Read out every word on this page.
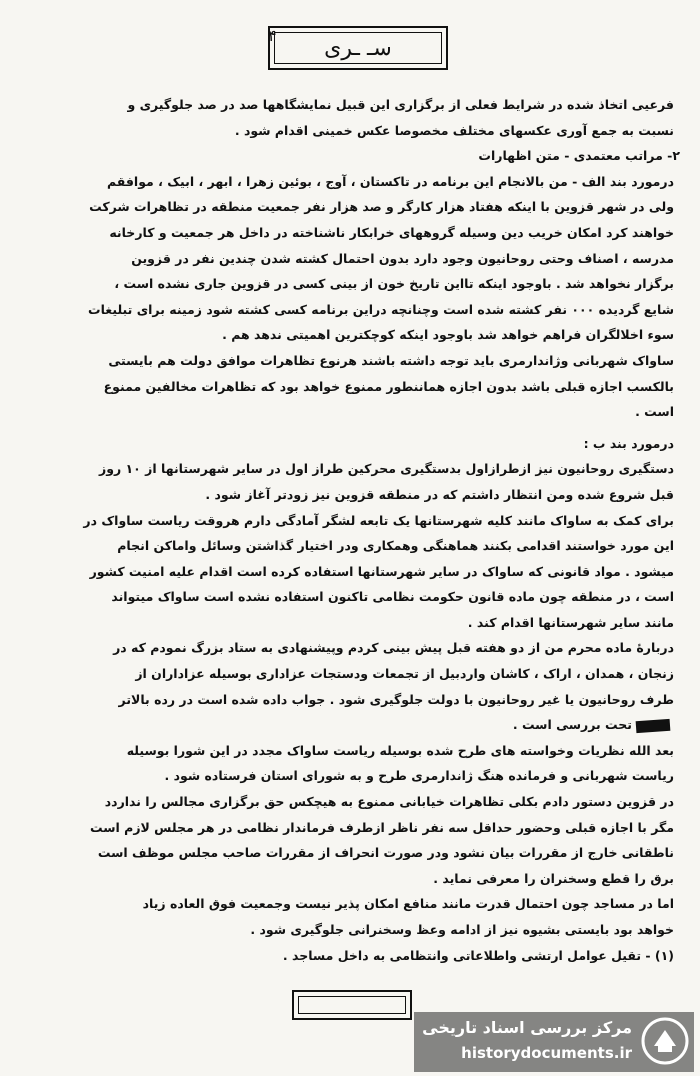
سـ ـری
۴

فرعیی اتخاذ شده در شرایط فعلی از برگزاری این قبیل نمایشگاهها صد در صد جلوگیری و

نسبت به جمع آوری عکسهای مختلف مخصوصا عکس خمینی اقدام شود .

۲- مراتب معتمدی - متن اظهارات

درمورد بند الف - من بالانجام این برنامه در تاکستان ، آوج ، بوئین زهرا ، ابهر ، ابیک ، موافقم

ولی در شهر قزوین با اینکه هفتاد هزار کارگر و صد هزار نفر جمعیت منطقه در تظاهرات شرکت

خواهند کرد امکان خریب دین وسیله گروههای خرابکار ناشناخته در داخل هر جمعیت و کارخانه

مدرسه ، اصناف وحتی روحانیون وجود دارد بدون احتمال کشته شدن چندین نفر در قزوین

برگزار نخواهد شد . باوجود اینکه تااین تاریخ خون از بینی کسی در قزوین جاری نشده است ،

شایع گردیده ۰۰۰ نفر کشته شده است وچنانچه دراین برنامه کسی کشته شود زمینه برای تبلیغات

سوء اخلالگران فراهم خواهد شد باوجود اینکه کوچکترین اهمیتی ندهد هم .

ساواک شهربانی وژاندارمری باید توجه داشته باشند هرنوع تظاهرات موافق دولت هم بایستی

بالکسب اجازه قبلی باشد بدون اجازه هماننطور ممنوع خواهد بود که تظاهرات مخالفین ممنوع

است .

درمورد بند ب :

دستگیری روحانیون نیز ازطرازاول بدستگیری محرکین طراز اول در سایر شهرستانها از ۱۰ روز

قبل شروع شده ومن انتظار داشتم که در منطقه قزوین نیز زودتر آغاز شود .

برای کمک به ساواک مانند کلیه شهرستانها یک تابعه لشگر آمادگی دارم هروقت ریاست ساواک در

این مورد خواستند اقدامی بکنند هماهنگی وهمکاری ودر اختیار گذاشتن وسائل واماکن انجام

میشود . مواد قانونی که ساواک در سایر شهرستانها استفاده کرده است اقدام علیه امنیت کشور

است ، در منطقه چون ماده قانون حکومت نظامی تاکنون استفاده نشده است ساواک میتواند

مانند سایر شهرستانها اقدام کند .

دربارهٔ ماده محرم من از دو هفته قبل پیش بینی کردم وپیشنهادی به ستاد بزرگ نمودم که در

زنجان ، همدان ، اراک ، کاشان واردبیل از تجمعات ودستجات عزاداری بوسیله عزاداران از

طرف روحانیون یا غیر روحانیون با دولت جلوگیری شود . جواب داده شده است در رده بالاتر

تحت بررسی است .

بعد الله نظریات وخواسته های طرح شده بوسیله ریاست ساواک مجدد در این شورا بوسیله

ریاست شهربانی و فرمانده هنگ ژاندارمری طرح و به شورای استان فرستاده شود .

در قزوین دستور دادم بکلی تظاهرات خیابانی ممنوع به هیچکس حق برگزاری مجالس را نداردد

مگر با اجازه قبلی وحضور حداقل سه نفر ناظر ازطرف فرماندار نظامی در هر مجلس لازم است

ناطقانی خارج از مقررات بیان نشود ودر صورت انحراف از مقررات صاحب مجلس موظف است

برق را قطع وسخنران را معرفی نماید .

اما در مساجد چون احتمال قدرت مانند منافع امکان پذیر نیست وجمعیت فوق العاده زیاد

خواهد بود بایستی بشیوه نیز از ادامه وعظ وسخنرانی جلوگیری شود .

(۱) - تقیل عوامل ارتشی واطلاعاتی وانتظامی به داخل مساجد .

مرکز بررسی اسناد تاریخی
historydocuments.ir
